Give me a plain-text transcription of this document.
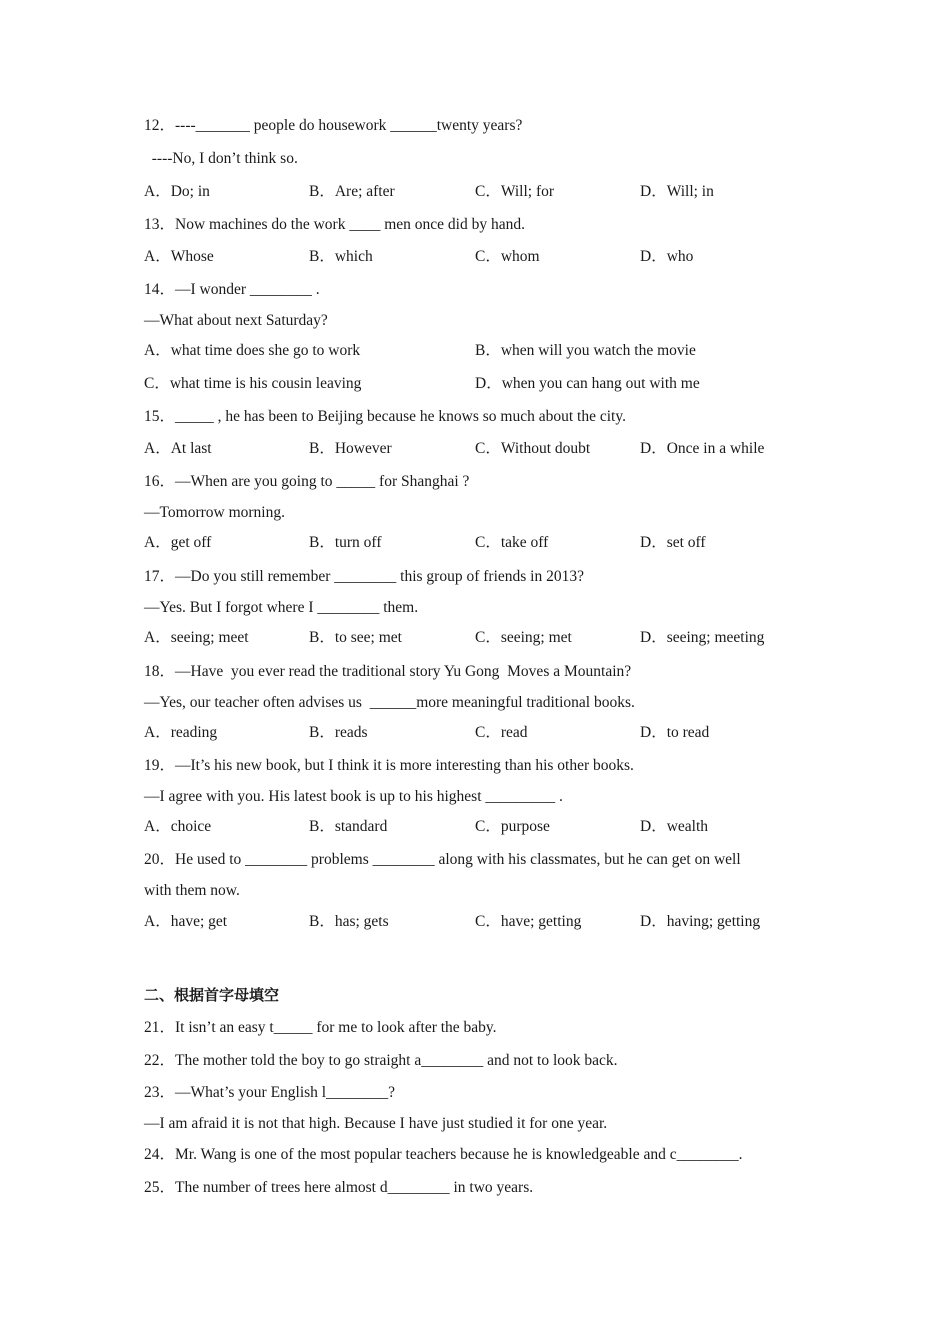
12．----_______ people do housework ______twenty years?
----No, I don’t think so.
A．Do; in	B．Are; after	C．Will; for	D．Will; in
13．Now machines do the work ____ men once did by hand.
A．Whose	B．which	C．whom	D．who
14．—I wonder ________ .
—What about next Saturday?
A．what time does she go to work	B．when will you watch the movie
C．what time is his cousin leaving	D．when you can hang out with me
15．_____ , he has been to Beijing because he knows so much about the city.
A．At last	B．However	C．Without doubt	D．Once in a while
16．—When are you going to _____ for Shanghai ?
—Tomorrow morning.
A．get off	B．turn off	C．take off	D．set off
17．—Do you still remember ________ this group of friends in 2013?
—Yes. But I forgot where I ________ them.
A．seeing; meet	B．to see; met	C．seeing; met	D．seeing; meeting
18．—Have  you ever read the traditional story Yu Gong  Moves a Mountain?
—Yes, our teacher often advises us  ______more meaningful traditional books.
A．reading	B．reads	C．read	D．to read
19．—It’s his new book, but I think it is more interesting than his other books.
—I agree with you. His latest book is up to his highest _________ .
A．choice	B．standard	C．purpose	D．wealth
20．He used to ________ problems ________ along with his classmates, but he can get on well
with them now.
A．have; get	B．has; gets	C．have; getting	D．having; getting
二、根据首字母填空
21．It isn’t an easy t_____ for me to look after the baby.
22．The mother told the boy to go straight a________ and not to look back.
23．—What’s your English l________?
—I am afraid it is not that high. Because I have just studied it for one year.
24．Mr. Wang is one of the most popular teachers because he is knowledgeable and c________.
25．The number of trees here almost d________ in two years.
